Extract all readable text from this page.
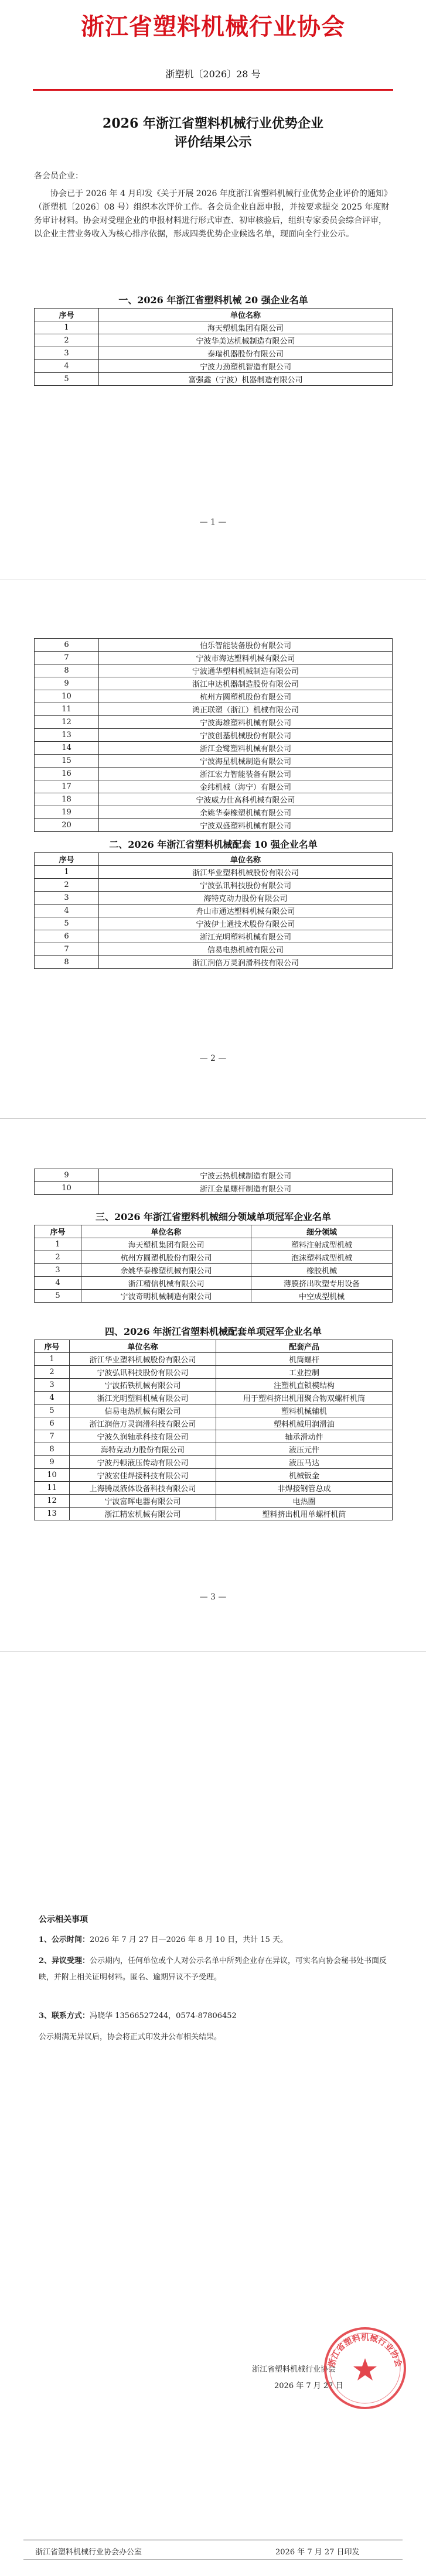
浙江省塑料机械行业协会
浙塑机〔2026〕28 号
2026 年浙江省塑料机械行业优势企业
评价结果公示
各会员企业：
协会已于 2026 年 4 月印发《关于开展 2026 年度浙江省塑料机械行业优势企业评价的通知》（浙塑机〔2026〕08 号）组织本次评价工作。各会员企业自愿申报，并按要求提交 2025 年度财务审计材料。协会对受理企业的申报材料进行形式审查、初审核验后，组织专家委员会综合评审，以企业主营业务收入为核心排序依据，形成四类优势企业候选名单，现面向全行业公示。
一、2026 年浙江省塑料机械 20 强企业名单
序号	单位名称
1	海天塑机集团有限公司
2	宁波华美达机械制造有限公司
3	泰瑞机器股份有限公司
4	宁波力劲塑机智造有限公司
5	富强鑫（宁波）机器制造有限公司
— 1 —
6	伯乐智能装备股份有限公司
7	宁波市海达塑料机械有限公司
8	宁波通华塑料机械制造有限公司
9	浙江申达机器制造股份有限公司
10	杭州方圆塑机股份有限公司
11	鸿正联塑（浙江）机械有限公司
12	宁波海雄塑料机械有限公司
13	宁波创基机械股份有限公司
14	浙江金鹭塑料机械有限公司
15	宁波海星机械制造有限公司
16	浙江宏力智能装备有限公司
17	金纬机械（海宁）有限公司
18	宁波威力仕高科机械有限公司
19	余姚华泰橡塑机械有限公司
20	宁波双盛塑料机械有限公司
二、2026 年浙江省塑料机械配套 10 强企业名单
序号	单位名称
1	浙江华业塑料机械股份有限公司
2	宁波弘讯科技股份有限公司
3	海特克动力股份有限公司
4	舟山市通达塑料机械有限公司
5	宁波伊士通技术股份有限公司
6	浙江光明塑料机械有限公司
7	信易电热机械有限公司
8	浙江润倍万灵润滑科技有限公司
— 2 —
9	宁波云热机械制造有限公司
10	浙江金星螺杆制造有限公司
三、2026 年浙江省塑料机械细分领域单项冠军企业名单
序号	单位名称	细分领域
1	海天塑机集团有限公司	塑料注射成型机械
2	杭州方圆塑机股份有限公司	泡沫塑料成型机械
3	余姚华泰橡塑机械有限公司	橡胶机械
4	浙江精信机械有限公司	薄膜挤出吹塑专用设备
5	宁波奇明机械制造有限公司	中空成型机械
四、2026 年浙江省塑料机械配套单项冠军企业名单
序号	单位名称	配套产品
1	浙江华业塑料机械股份有限公司	机筒螺杆
2	宁波弘讯科技股份有限公司	工业控制
3	宁波拓铁机械有限公司	注塑机直锁模结构
4	浙江光明塑料机械有限公司	用于塑料挤出机用聚合物双螺杆机筒
5	信易电热机械有限公司	塑料机械辅机
6	浙江润倍万灵润滑科技有限公司	塑料机械用润滑油
7	宁波久润轴承科技有限公司	轴承滑动件
8	海特克动力股份有限公司	液压元件
9	宁波丹顿液压传动有限公司	液压马达
10	宁波宏佳焊接科技有限公司	机械钣金
11	上海腾晟液体设备科技有限公司	非焊接钢管总成
12	宁波富晖电器有限公司	电热圈
13	浙江精宏机械有限公司	塑料挤出机用单螺杆机筒
— 3 —
公示相关事项
1、公示时间：2026 年 7 月 27 日—2026 年 8 月 10 日，共计 15 天。
2、异议受理：公示期内，任何单位或个人对公示名单中所列企业存在异议，可实名向协会秘书处书面反映，并附上相关证明材料。匿名、逾期异议不予受理。
3、联系方式：冯晓华 13566527244，0574-87806452
公示期满无异议后，协会将正式印发并公布相关结果。
浙江省塑料机械行业协会
2026 年 7 月 27 日
浙江省塑料机械行业协会
浙江省塑料机械行业协会办公室	2026 年 7 月 27 日印发
